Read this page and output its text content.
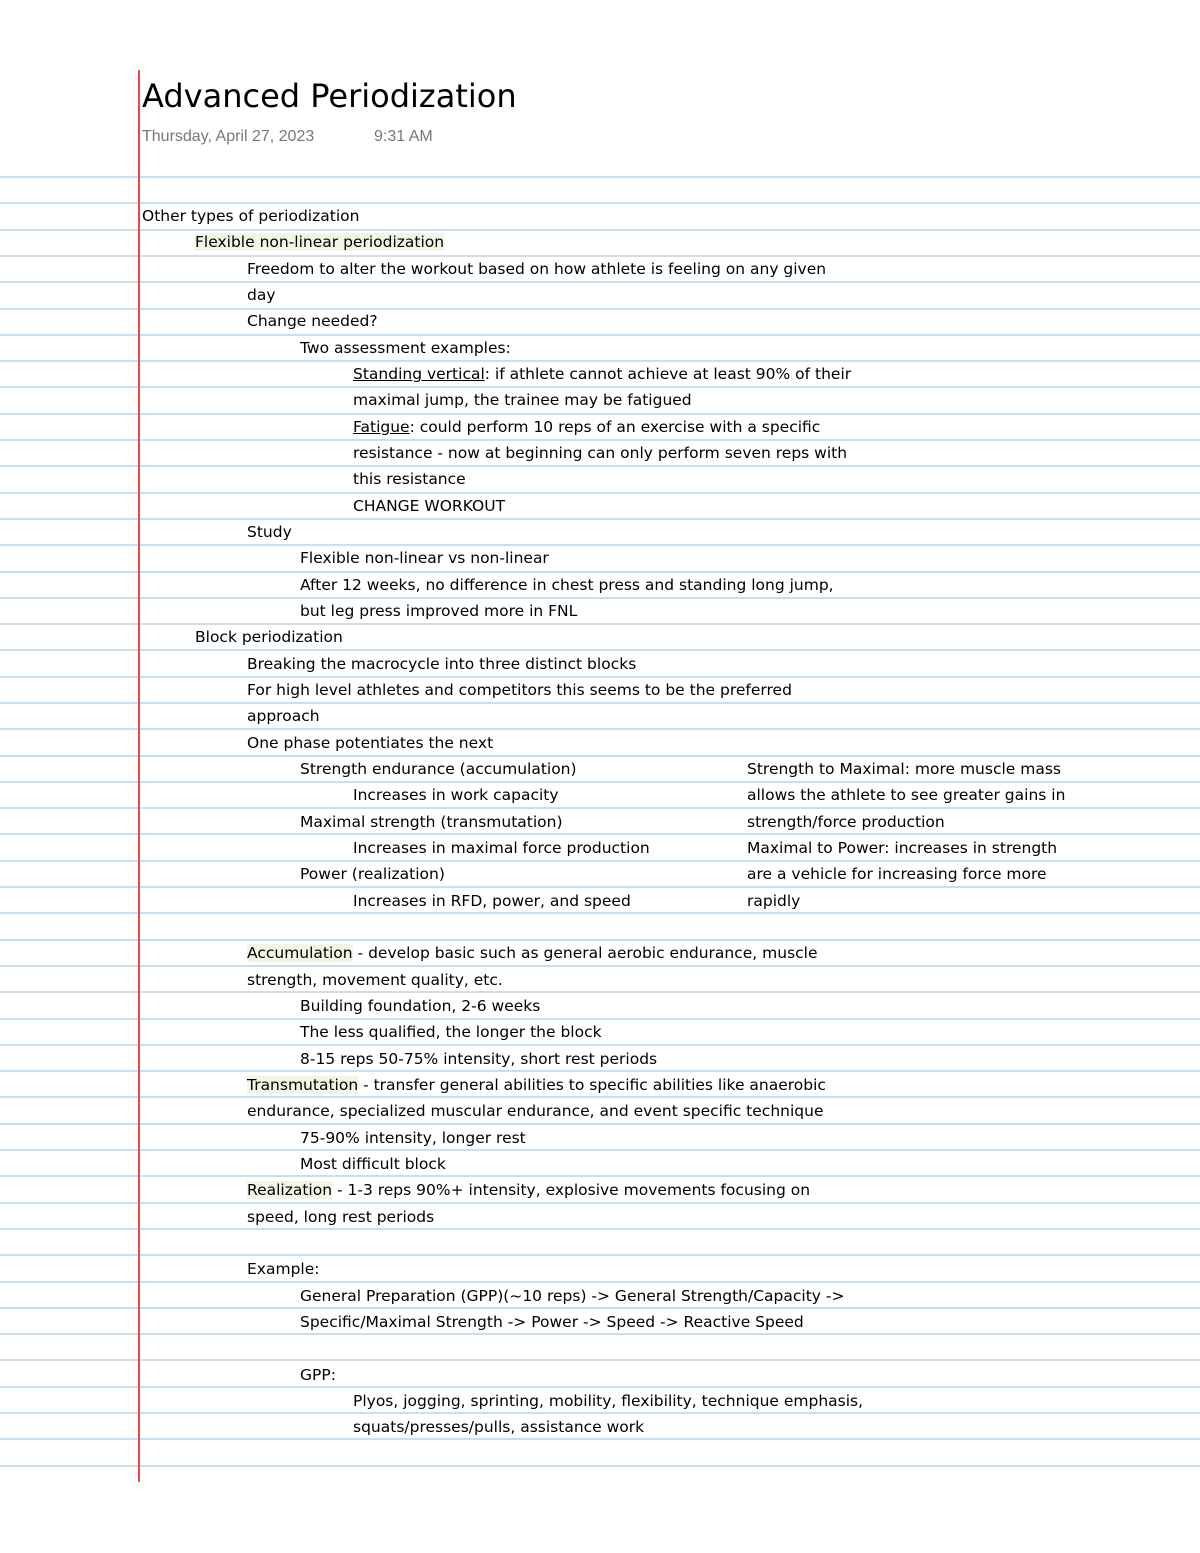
Advanced Periodization
Thursday, April 27, 2023	9:31 AM
Other types of periodization
Flexible non-linear periodization
Freedom to alter the workout based on how athlete is feeling on any given
day
Change needed?
Two assessment examples:
Standing vertical: if athlete cannot achieve at least 90% of their
maximal jump, the trainee may be fatigued
Fatigue: could perform 10 reps of an exercise with a specific
resistance - now at beginning can only perform seven reps with
this resistance
CHANGE WORKOUT
Study
Flexible non-linear vs non-linear
After 12 weeks, no difference in chest press and standing long jump,
but leg press improved more in FNL
Block periodization
Breaking the macrocycle into three distinct blocks
For high level athletes and competitors this seems to be the preferred
approach
One phase potentiates the next
Strength endurance (accumulation)
Increases in work capacity
Maximal strength (transmutation)
Increases in maximal force production
Power (realization)
Increases in RFD, power, and speed
Strength to Maximal: more muscle mass
allows the athlete to see greater gains in
strength/force production
Maximal to Power: increases in strength
are a vehicle for increasing force more
rapidly
Accumulation - develop basic such as general aerobic endurance, muscle
strength, movement quality, etc.
Building foundation, 2-6 weeks
The less qualified, the longer the block
8-15 reps 50-75% intensity, short rest periods
Transmutation - transfer general abilities to specific abilities like anaerobic
endurance, specialized muscular endurance, and event specific technique
75-90% intensity, longer rest
Most difficult block
Realization - 1-3 reps 90%+ intensity, explosive movements focusing on
speed, long rest periods
Example:
General Preparation (GPP)(~10 reps) -> General Strength/Capacity ->
Specific/Maximal Strength -> Power -> Speed -> Reactive Speed
GPP:
Plyos, jogging, sprinting, mobility, flexibility, technique emphasis,
squats/presses/pulls, assistance work
